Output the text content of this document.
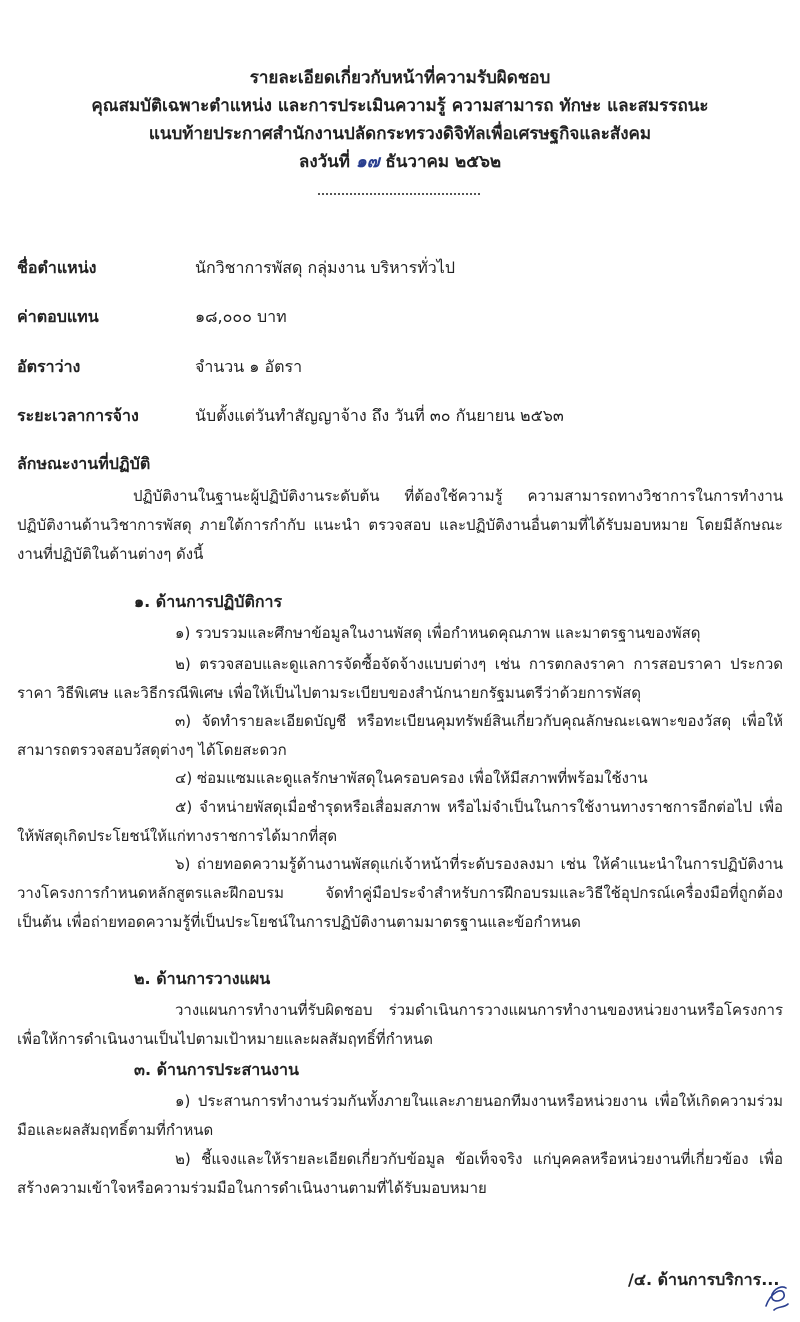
รายละเอียดเกี่ยวกับหน้าที่ความรับผิดชอบ
คุณสมบัติเฉพาะตำแหน่ง และการประเมินความรู้ ความสามารถ ทักษะ และสมรรถนะ
แนบท้ายประกาศสำนักงานปลัดกระทรวงดิจิทัลเพื่อเศรษฐกิจและสังคม
ลงวันที่ ๑๗ ธันวาคม ๒๕๖๒
ชื่อตำแหน่ง	นักวิชาการพัสดุ กลุ่มงาน บริหารทั่วไป
ค่าตอบแทน	๑๘,๐๐๐ บาท
อัตราว่าง	จำนวน ๑ อัตรา
ระยะเวลาการจ้าง	นับตั้งแต่วันทำสัญญาจ้าง ถึง วันที่ ๓๐ กันยายน ๒๕๖๓
ลักษณะงานที่ปฏิบัติ
ปฏิบัติงานในฐานะผู้ปฏิบัติงานระดับต้น ที่ต้องใช้ความรู้ ความสามารถทางวิชาการในการทำงาน ปฏิบัติงานด้านวิชาการพัสดุ ภายใต้การกำกับ แนะนำ ตรวจสอบ และปฏิบัติงานอื่นตามที่ได้รับมอบหมาย โดยมีลักษณะงานที่ปฏิบัติในด้านต่างๆ ดังนี้
๑. ด้านการปฏิบัติการ
๑) รวบรวมและศึกษาข้อมูลในงานพัสดุ เพื่อกำหนดคุณภาพ และมาตรฐานของพัสดุ
๒) ตรวจสอบและดูแลการจัดซื้อจัดจ้างแบบต่างๆ เช่น การตกลงราคา การสอบราคา ประกวดราคา วิธีพิเศษ และวิธีกรณีพิเศษ เพื่อให้เป็นไปตามระเบียบของสำนักนายกรัฐมนตรีว่าด้วยการพัสดุ
๓) จัดทำรายละเอียดบัญชี หรือทะเบียนคุมทรัพย์สินเกี่ยวกับคุณลักษณะเฉพาะของวัสดุ เพื่อให้สามารถตรวจสอบวัสดุต่างๆ ได้โดยสะดวก
๔) ซ่อมแซมและดูแลรักษาพัสดุในครอบครอง เพื่อให้มีสภาพที่พร้อมใช้งาน
๕) จำหน่ายพัสดุเมื่อชำรุดหรือเสื่อมสภาพ หรือไม่จำเป็นในการใช้งานทางราชการอีกต่อไป เพื่อให้พัสดุเกิดประโยชน์ให้แก่ทางราชการได้มากที่สุด
๖) ถ่ายทอดความรู้ด้านงานพัสดุแก่เจ้าหน้าที่ระดับรองลงมา เช่น ให้คำแนะนำในการปฏิบัติงาน วางโครงการกำหนดหลักสูตรและฝึกอบรม จัดทำคู่มือประจำสำหรับการฝึกอบรมและวิธีใช้อุปกรณ์เครื่องมือที่ถูกต้อง เป็นต้น เพื่อถ่ายทอดความรู้ที่เป็นประโยชน์ในการปฏิบัติงานตามมาตรฐานและข้อกำหนด
๒. ด้านการวางแผน
วางแผนการทำงานที่รับผิดชอบ ร่วมดำเนินการวางแผนการทำงานของหน่วยงานหรือโครงการ เพื่อให้การดำเนินงานเป็นไปตามเป้าหมายและผลสัมฤทธิ์ที่กำหนด
๓. ด้านการประสานงาน
๑) ประสานการทำงานร่วมกันทั้งภายในและภายนอกทีมงานหรือหน่วยงาน เพื่อให้เกิดความร่วมมือและผลสัมฤทธิ์ตามที่กำหนด
๒) ชี้แจงและให้รายละเอียดเกี่ยวกับข้อมูล ข้อเท็จจริง แก่บุคคลหรือหน่วยงานที่เกี่ยวข้อง เพื่อสร้างความเข้าใจหรือความร่วมมือในการดำเนินงานตามที่ได้รับมอบหมาย
/๔. ด้านการบริการ...
